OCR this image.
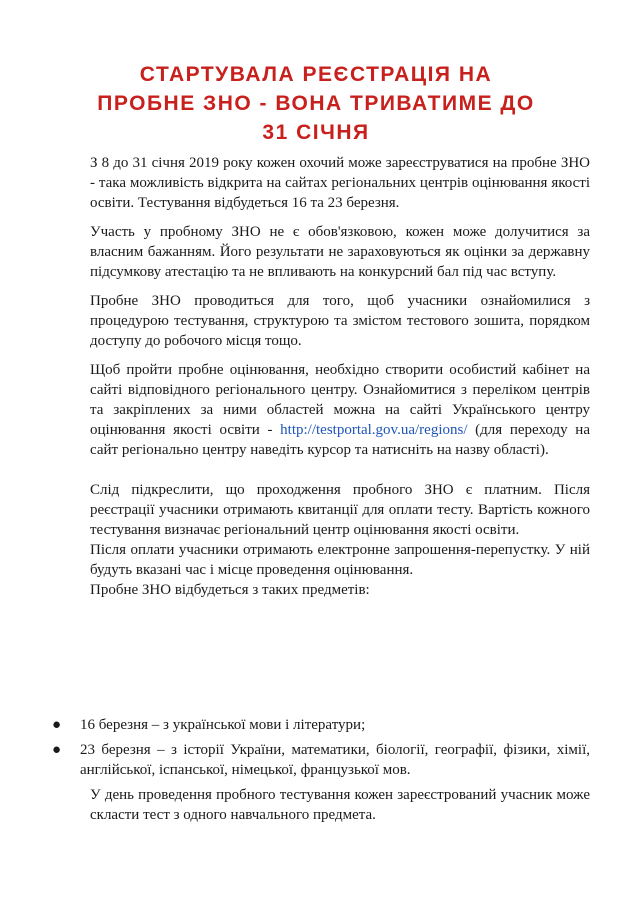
СТАРТУВАЛА РЕЄСТРАЦІЯ НА ПРОБНЕ ЗНО - ВОНА ТРИВАТИМЕ ДО 31 СІЧНЯ

З 8 до 31 січня 2019 року кожен охочий може зареєструватися на пробне ЗНО - така можливість відкрита на сайтах регіональних центрів оцінювання якості освіти. Тестування відбудеться 16 та 23 березня.

Участь у пробному ЗНО не є обов'язковою, кожен може долучитися за власним бажанням. Його результати не зараховуються як оцінки за державну підсумкову атестацію та не впливають на конкурсний бал під час вступу.

Пробне ЗНО проводиться для того, щоб учасники ознайомилися з процедурою тестування, структурою та змістом тестового зошита, порядком доступу до робочого місця тощо.

Щоб пройти пробне оцінювання, необхідно створити особистий кабінет на сайті відповідного регіонального центру. Ознайомитися з переліком центрів та закріплених за ними областей можна на сайті Українського центру оцінювання якості освіти - http://testportal.gov.ua/regions/ (для переходу на сайт регіонально центру наведіть курсор та натисніть на назву області).

Слід підкреслити, що проходження пробного ЗНО є платним. Після реєстрації учасники отримають квитанції для оплати тесту. Вартість кожного тестування визначає регіональний центр оцінювання якості освіти.

Після оплати учасники отримають електронне запрошення-перепустку. У ній будуть вказані час і місце проведення оцінювання.

Пробне ЗНО відбудеться з таких предметів:

● 16 березня – з української мови і літератури;

● 23 березня – з історії України, математики, біології, географії, фізики, хімії, англійської, іспанської, німецької, французької мов.

У день проведення пробного тестування кожен зареєстрований учасник може скласти тест з одного навчального предмета.
